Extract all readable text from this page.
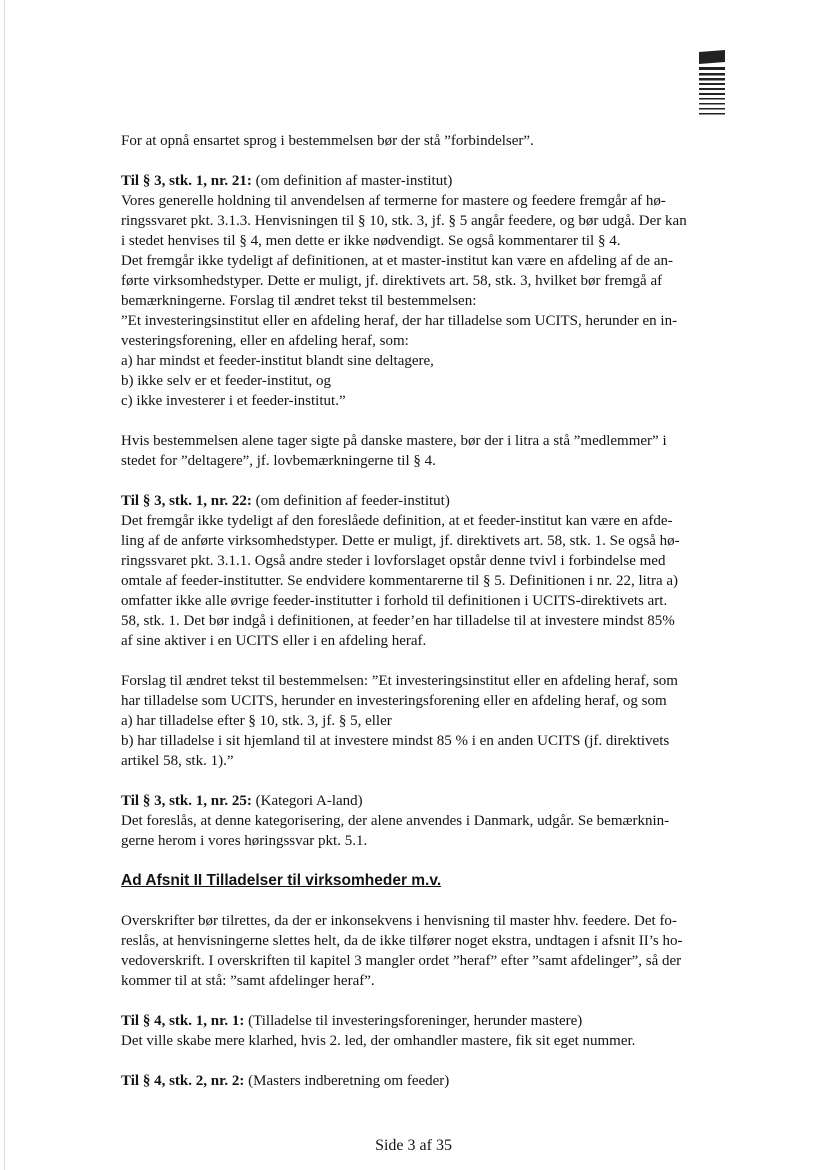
For at opnå ensartet sprog i bestemmelsen bør der stå ”forbindelser”.

Til § 3, stk. 1, nr. 21: (om definition af master-institut)

Vores generelle holdning til anvendelsen af termerne for mastere og feedere fremgår af hø-

ringssvaret pkt. 3.1.3. Henvisningen til § 10, stk. 3, jf. § 5 angår feedere, og bør udgå. Der kan

i stedet henvises til § 4, men dette er ikke nødvendigt. Se også kommentarer til § 4.

Det fremgår ikke tydeligt af definitionen, at et master-institut kan være en afdeling af de an-

førte virksomhedstyper. Dette er muligt, jf. direktivets art. 58, stk. 3, hvilket bør fremgå af

bemærkningerne. Forslag til ændret tekst til bestemmelsen:

”Et investeringsinstitut eller en afdeling heraf, der har tilladelse som UCITS, herunder en in-

vesteringsforening, eller en afdeling heraf, som:

a) har mindst et feeder-institut blandt sine deltagere,

b) ikke selv er et feeder-institut, og

c) ikke investerer i et feeder-institut.”

Hvis bestemmelsen alene tager sigte på danske mastere, bør der i litra a stå ”medlemmer” i

stedet for ”deltagere”, jf. lovbemærkningerne til § 4.

Til § 3, stk. 1, nr. 22: (om definition af feeder-institut)

Det fremgår ikke tydeligt af den foreslåede definition, at et feeder-institut kan være en afde-

ling af de anførte virksomhedstyper. Dette er muligt, jf. direktivets art. 58, stk. 1. Se også hø-

ringssvaret pkt. 3.1.1. Også andre steder i lovforslaget opstår denne tvivl i forbindelse med

omtale af feeder-institutter. Se endvidere kommentarerne til § 5. Definitionen i nr. 22, litra a)

omfatter ikke alle øvrige feeder-institutter i forhold til definitionen i UCITS-direktivets art.

58, stk. 1. Det bør indgå i definitionen, at feeder’en har tilladelse til at investere mindst 85%

af sine aktiver i en UCITS eller i en afdeling heraf.

Forslag til ændret tekst til bestemmelsen: ”Et investeringsinstitut eller en afdeling heraf, som

har tilladelse som UCITS, herunder en investeringsforening eller en afdeling heraf, og som

a) har tilladelse efter § 10, stk. 3, jf. § 5, eller

b) har tilladelse i sit hjemland til at investere mindst 85 % i en anden UCITS (jf. direktivets

artikel 58, stk. 1).”

Til § 3, stk. 1, nr. 25: (Kategori A-land)

Det foreslås, at denne kategorisering, der alene anvendes i Danmark, udgår. Se bemærknin-

gerne herom i vores høringssvar pkt. 5.1.

Ad Afsnit II Tilladelser til virksomheder m.v.

Overskrifter bør tilrettes, da der er inkonsekvens i henvisning til master hhv. feedere. Det fo-

reslås, at henvisningerne slettes helt, da de ikke tilfører noget ekstra, undtagen i afsnit II’s ho-

vedoverskrift. I overskriften til kapitel 3 mangler ordet ”heraf” efter ”samt afdelinger”, så der

kommer til at stå: ”samt afdelinger heraf”.

Til § 4, stk. 1, nr. 1: (Tilladelse til investeringsforeninger, herunder mastere)

Det ville skabe mere klarhed, hvis 2. led, der omhandler mastere, fik sit eget nummer.

Til § 4, stk. 2, nr. 2: (Masters indberetning om feeder)

Side 3 af 35
